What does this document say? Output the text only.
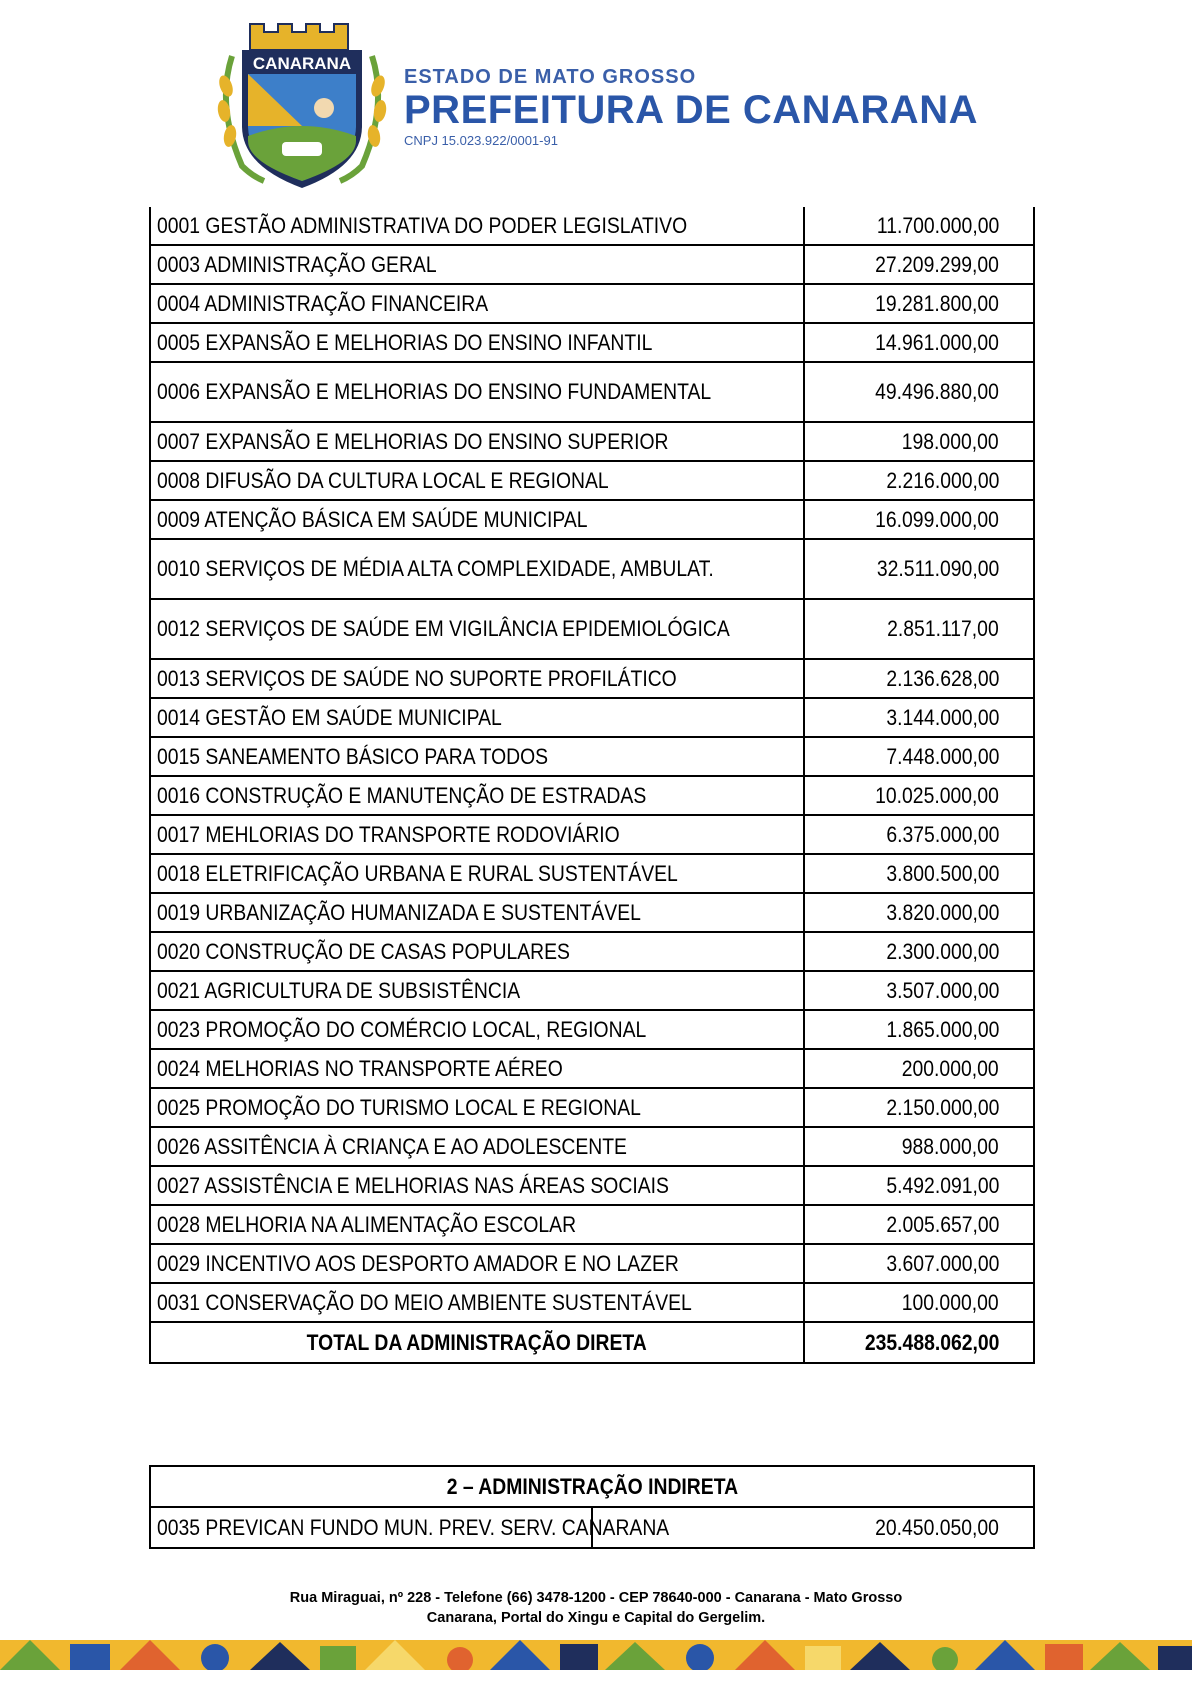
CANARANA
ESTADO DE MATO GROSSO
PREFEITURA DE CANARANA
CNPJ 15.023.922/0001-91
0001 GESTÃO ADMINISTRATIVA DO PODER LEGISLATIVO	11.700.000,00
0003 ADMINISTRAÇÃO GERAL	27.209.299,00
0004 ADMINISTRAÇÃO FINANCEIRA	19.281.800,00
0005 EXPANSÃO E MELHORIAS DO ENSINO INFANTIL	14.961.000,00
0006 EXPANSÃO E MELHORIAS DO ENSINO FUNDAMENTAL	49.496.880,00
0007 EXPANSÃO E MELHORIAS DO ENSINO SUPERIOR	198.000,00
0008 DIFUSÃO DA CULTURA LOCAL E REGIONAL	2.216.000,00
0009 ATENÇÃO BÁSICA EM SAÚDE MUNICIPAL	16.099.000,00
0010 SERVIÇOS DE MÉDIA ALTA COMPLEXIDADE, AMBULAT.	32.511.090,00
0012 SERVIÇOS DE SAÚDE EM VIGILÂNCIA EPIDEMIOLÓGICA	2.851.117,00
0013 SERVIÇOS DE SAÚDE NO SUPORTE PROFILÁTICO	2.136.628,00
0014 GESTÃO EM SAÚDE MUNICIPAL	3.144.000,00
0015 SANEAMENTO BÁSICO PARA TODOS	7.448.000,00
0016 CONSTRUÇÃO E MANUTENÇÃO DE ESTRADAS	10.025.000,00
0017 MEHLORIAS DO TRANSPORTE RODOVIÁRIO	6.375.000,00
0018 ELETRIFICAÇÃO URBANA E RURAL SUSTENTÁVEL	3.800.500,00
0019 URBANIZAÇÃO HUMANIZADA E SUSTENTÁVEL	3.820.000,00
0020 CONSTRUÇÃO DE CASAS POPULARES	2.300.000,00
0021 AGRICULTURA DE SUBSISTÊNCIA	3.507.000,00
0023 PROMOÇÃO DO COMÉRCIO LOCAL, REGIONAL	1.865.000,00
0024 MELHORIAS NO TRANSPORTE AÉREO	200.000,00
0025 PROMOÇÃO DO TURISMO LOCAL E REGIONAL	2.150.000,00
0026 ASSITÊNCIA À CRIANÇA E AO ADOLESCENTE	988.000,00
0027 ASSISTÊNCIA E MELHORIAS NAS ÁREAS SOCIAIS	5.492.091,00
0028 MELHORIA NA ALIMENTAÇÃO ESCOLAR	2.005.657,00
0029 INCENTIVO AOS DESPORTO AMADOR E NO LAZER	3.607.000,00
0031 CONSERVAÇÃO DO MEIO AMBIENTE SUSTENTÁVEL	100.000,00
TOTAL DA ADMINISTRAÇÃO DIRETA	235.488.062,00
2 – ADMINISTRAÇÃO INDIRETA
0035 PREVICAN FUNDO MUN. PREV. SERV. CANARANA	20.450.050,00
Rua Miraguai, nº 228 - Telefone (66) 3478-1200 - CEP 78640-000 - Canarana - Mato Grosso
Canarana, Portal do Xingu e Capital do Gergelim.
